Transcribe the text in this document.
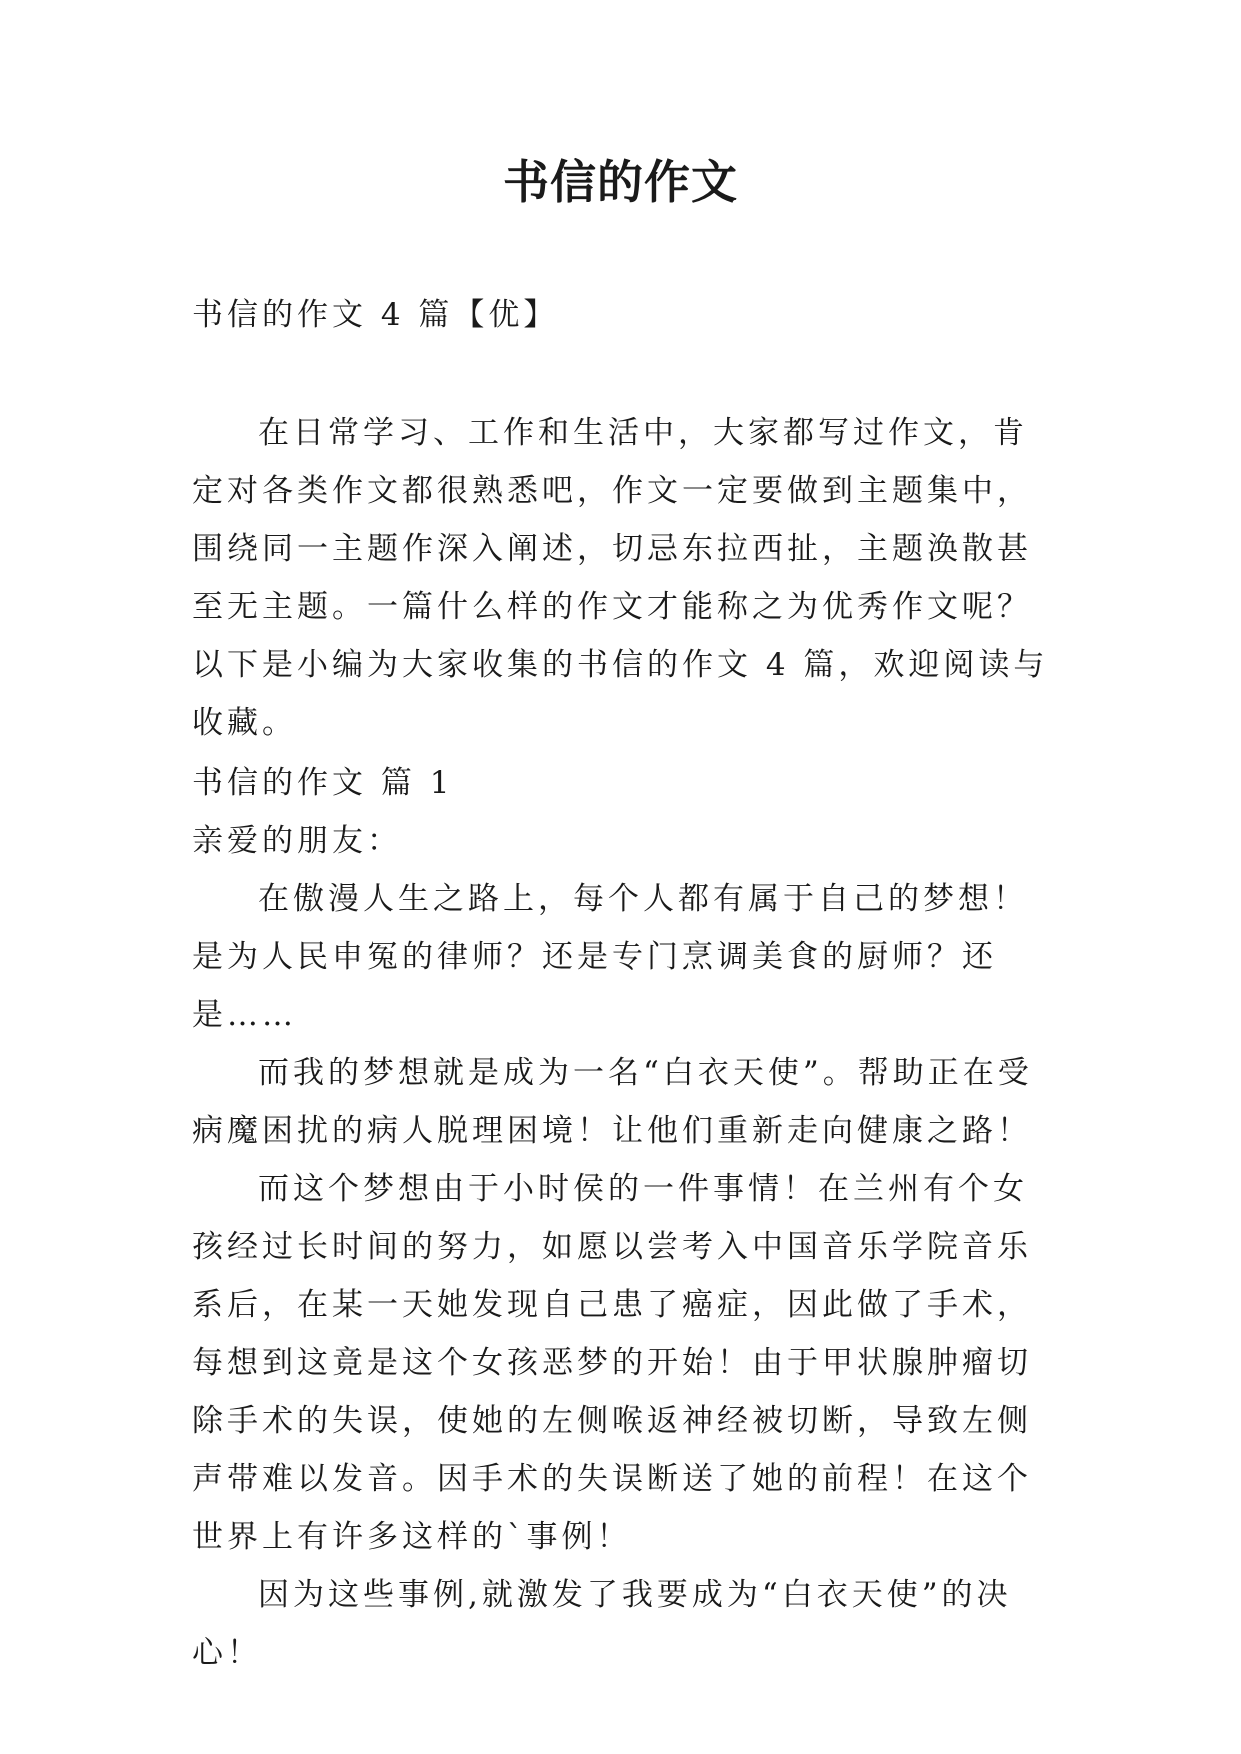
书信的作文
书信的作文 4 篇【优】
在日常学习、工作和生活中，大家都写过作文，肯定对各类作文都很熟悉吧，作文一定要做到主题集中，围绕同一主题作深入阐述，切忌东拉西扯，主题涣散甚至无主题。一篇什么样的作文才能称之为优秀作文呢？以下是小编为大家收集的书信的作文 4 篇，欢迎阅读与收藏。

书信的作文 篇 1

亲爱的朋友：

在傲漫人生之路上，每个人都有属于自己的梦想！是为人民申冤的律师？还是专门烹调美食的厨师？还是……

而我的梦想就是成为一名“白衣天使”。帮助正在受病魔困扰的病人脱理困境！让他们重新走向健康之路！

而这个梦想由于小时侯的一件事情！在兰州有个女孩经过长时间的努力，如愿以尝考入中国音乐学院音乐系后，在某一天她发现自己患了癌症，因此做了手术，每想到这竟是这个女孩恶梦的开始！由于甲状腺肿瘤切除手术的失误，使她的左侧喉返神经被切断，导致左侧声带难以发音。因手术的失误断送了她的前程！在这个世界上有许多这样的`事例！

因为这些事例,就激发了我要成为“白衣天使”的决心！
